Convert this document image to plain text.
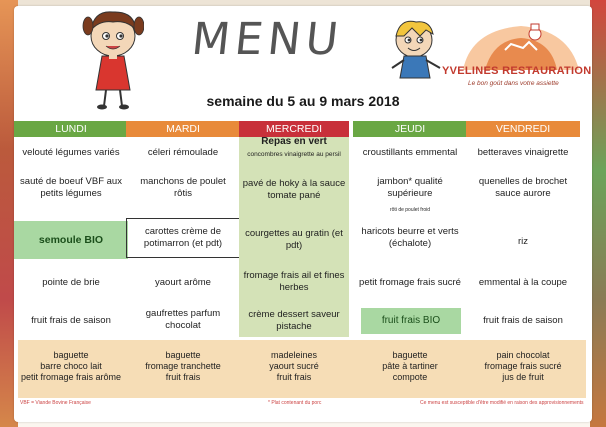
MENU
YVELINES RESTAURATION
Le bon goût dans votre assiette
semaine du 5 au 9 mars 2018
LUNDI
velouté légumes variés
sauté de boeuf VBF aux petits légumes
semoule BIO
pointe de brie
fruit frais de saison
MARDI
céleri rémoulade
manchons de poulet rôtis
carottes crème de potimarron (et pdt)
yaourt arôme
gaufrettes parfum chocolat
MERCREDI
Repas en vert
concombres vinaigrette au persil
pavé de hoky à la sauce tomate pané
courgettes au gratin (et pdt)
fromage frais ail et fines herbes
crème dessert saveur pistache
JEUDI
croustillants emmental
jambon* qualité supérieure
rôti de poulet froid
haricots beurre et verts (échalote)
petit fromage frais sucré
fruit frais BIO
VENDREDI
betteraves vinaigrette
quenelles de brochet sauce aurore
riz
emmental à la coupe
fruit frais de saison
baguette
barre choco lait
petit fromage frais arôme
baguette
fromage tranchette
fruit frais
madeleines
yaourt sucré
fruit frais
baguette
pâte à tartiner
compote
pain chocolat
fromage frais sucré
jus de fruit
VBF = Viande Bovine Française	* Plat contenant du porc	Ce menu est susceptible d'être modifié en raison des approvisionnements
